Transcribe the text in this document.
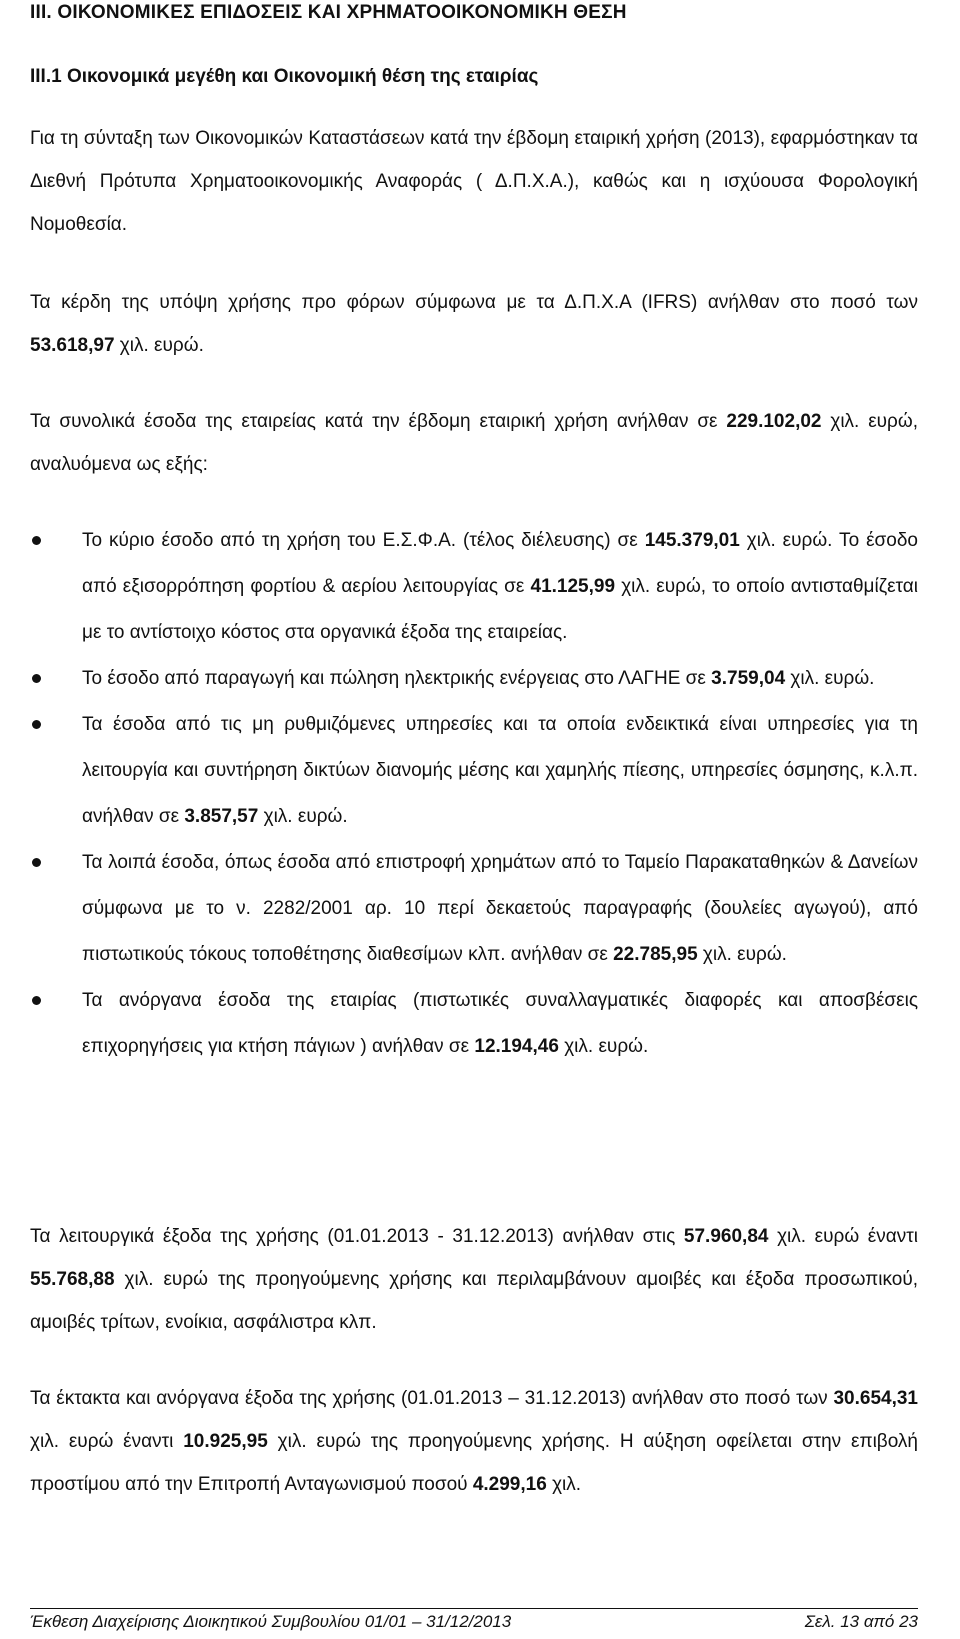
III. ΟΙΚΟΝΟΜΙΚΕΣ ΕΠΙΔΟΣΕΙΣ ΚΑΙ ΧΡΗΜΑΤΟΟΙΚΟΝΟΜΙΚΗ ΘΕΣΗ
III.1 Οικονομικά μεγέθη και Οικονομική θέση της εταιρίας

Για τη σύνταξη των Οικονομικών Καταστάσεων κατά την έβδομη εταιρική χρήση (2013), εφαρμόστηκαν τα Διεθνή Πρότυπα Χρηματοοικονομικής Αναφοράς ( Δ.Π.Χ.Α.), καθώς και η ισχύουσα Φορολογική Νομοθεσία.

Τα κέρδη της υπόψη χρήσης προ φόρων σύμφωνα με τα Δ.Π.Χ.Α (IFRS) ανήλθαν στο ποσό των 53.618,97 χιλ. ευρώ.

Τα συνολικά έσοδα της εταιρείας κατά την έβδομη εταιρική χρήση ανήλθαν σε 229.102,02 χιλ. ευρώ, αναλυόμενα ως εξής:

Το κύριο έσοδο από τη χρήση του Ε.Σ.Φ.Α. (τέλος διέλευσης) σε 145.379,01 χιλ. ευρώ. Το έσοδο από εξισορρόπηση φορτίου & αερίου λειτουργίας σε 41.125,99 χιλ. ευρώ, το οποίο αντισταθμίζεται με το αντίστοιχο κόστος στα οργανικά έξοδα της εταιρείας.
Το έσοδο από παραγωγή και πώληση ηλεκτρικής ενέργειας στο ΛΑΓΗΕ σε 3.759,04 χιλ. ευρώ.
Τα έσοδα από τις μη ρυθμιζόμενες υπηρεσίες και τα οποία ενδεικτικά είναι υπηρεσίες για τη λειτουργία και συντήρηση δικτύων διανομής μέσης και χαμηλής πίεσης, υπηρεσίες όσμησης, κ.λ.π. ανήλθαν σε 3.857,57 χιλ. ευρώ.
Τα λοιπά έσοδα, όπως έσοδα από επιστροφή χρημάτων από το Ταμείο Παρακαταθηκών & Δανείων σύμφωνα με το ν. 2282/2001 αρ. 10 περί δεκαετούς παραγραφής (δουλείες αγωγού), από πιστωτικούς τόκους τοποθέτησης διαθεσίμων κλπ. ανήλθαν σε 22.785,95 χιλ. ευρώ.
Τα ανόργανα έσοδα της εταιρίας (πιστωτικές συναλλαγματικές διαφορές και αποσβέσεις επιχορηγήσεις για κτήση πάγιων ) ανήλθαν σε 12.194,46 χιλ. ευρώ.

Τα λειτουργικά έξοδα της χρήσης (01.01.2013 - 31.12.2013) ανήλθαν στις 57.960,84 χιλ. ευρώ έναντι 55.768,88 χιλ. ευρώ της προηγούμενης χρήσης και περιλαμβάνουν αμοιβές και έξοδα προσωπικού, αμοιβές τρίτων, ενοίκια, ασφάλιστρα κλπ.

Τα έκτακτα και ανόργανα έξοδα της χρήσης (01.01.2013 – 31.12.2013) ανήλθαν στο ποσό των 30.654,31 χιλ. ευρώ έναντι 10.925,95 χιλ. ευρώ της προηγούμενης χρήσης. Η αύξηση οφείλεται στην επιβολή προστίμου από την Επιτροπή Ανταγωνισμού ποσού 4.299,16 χιλ.

Έκθεση Διαχείρισης Διοικητικού Συμβουλίου 01/01 – 31/12/2013	Σελ. 13 από 23
